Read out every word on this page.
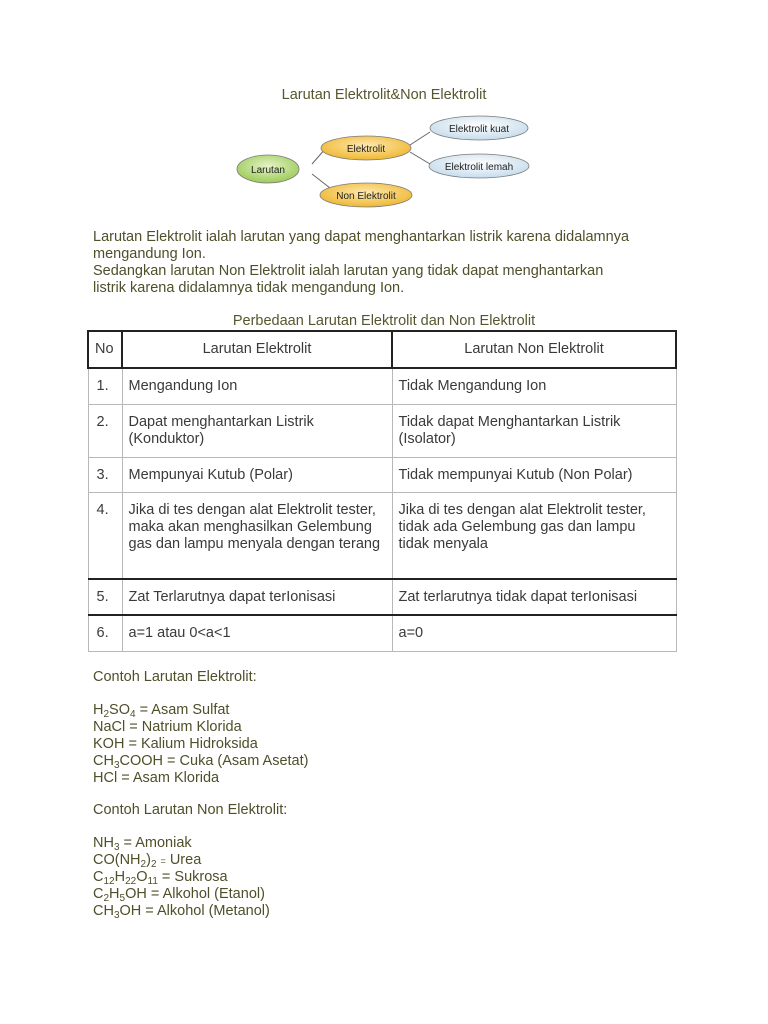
Larutan Elektrolit&Non Elektrolit
Larutan
Elektrolit
Non Elektrolit
Elektrolit kuat
Elektrolit lemah
Larutan Elektrolit ialah larutan yang dapat menghantarkan listrik karena didalamnya
mengandung Ion.
Sedangkan larutan Non Elektrolit ialah larutan yang tidak dapat menghantarkan
listrik karena didalamnya tidak mengandung Ion.
Perbedaan Larutan Elektrolit dan Non Elektrolit
No	Larutan Elektrolit	Larutan Non Elektrolit
1.	Mengandung Ion	Tidak Mengandung Ion
2.	Dapat menghantarkan Listrik (Konduktor)	Tidak dapat Menghantarkan Listrik (Isolator)
3.	Mempunyai Kutub (Polar)	Tidak mempunyai Kutub (Non Polar)
4.	Jika di tes dengan alat Elektrolit tester, maka akan menghasilkan Gelembung gas dan lampu menyala dengan terang	Jika di tes dengan alat Elektrolit tester, tidak ada Gelembung gas dan lampu tidak menyala
5.	Zat Terlarutnya dapat terIonisasi	Zat terlarutnya tidak dapat terIonisasi
6.	a=1 atau 0<a<1	a=0
Contoh Larutan Elektrolit:
$H_2SO_4$ = Asam Sulfat
NaCl = Natrium Klorida
KOH = Kalium Hidroksida
$CH_3COOH$ = Cuka (Asam Asetat)
HCl = Asam Klorida
Contoh Larutan Non Elektrolit:
$NH_3$ = Amoniak
$CO(NH_2)_2$ = Urea
$C_{12}H_{22}O_{11}$ = Sukrosa
$C_2H_5OH$ = Alkohol (Etanol)
$CH_3OH$ = Alkohol (Metanol)
